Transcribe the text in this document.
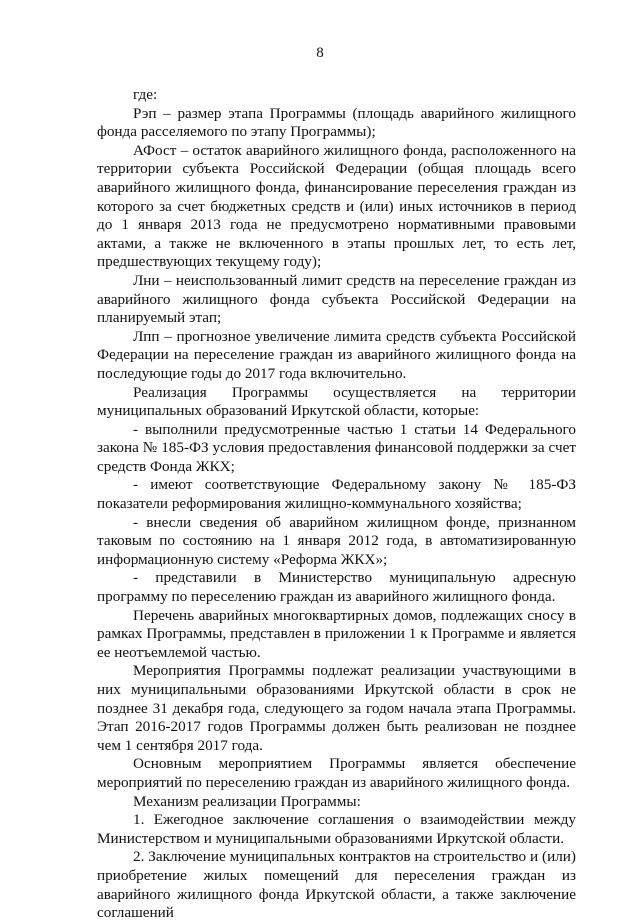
8

где:

Рэп – размер этапа Программы (площадь аварийного жилищного фонда расселяемого по этапу Программы);

АФост – остаток аварийного жилищного фонда, расположенного на территории субъекта Российской Федерации (общая площадь всего аварийного жилищного фонда, финансирование переселения граждан из которого за счет бюджетных средств и (или) иных источников в период до 1 января 2013 года не предусмотрено нормативными правовыми актами, а также не включенного в этапы прошлых лет, то есть лет, предшествующих текущему году);

Лни – неиспользованный лимит средств на переселение граждан из аварийного жилищного фонда субъекта Российской Федерации на планируемый этап;

Лпп – прогнозное увеличение лимита средств субъекта Российской Федерации на переселение граждан из аварийного жилищного фонда на последующие годы до 2017 года включительно.

Реализация Программы осуществляется на территории муниципальных образований Иркутской области, которые:

- выполнили предусмотренные частью 1 статьи 14 Федерального закона № 185-ФЗ условия предоставления финансовой поддержки за счет средств Фонда ЖКХ;

- имеют соответствующие Федеральному закону № 185-ФЗ показатели реформирования жилищно-коммунального хозяйства;

- внесли сведения об аварийном жилищном фонде, признанном таковым по состоянию на 1 января 2012 года, в автоматизированную информационную систему «Реформа ЖКХ»;

- представили в Министерство муниципальную адресную программу по переселению граждан из аварийного жилищного фонда.

Перечень аварийных многоквартирных домов, подлежащих сносу в рамках Программы, представлен в приложении 1 к Программе и является ее неотъемлемой частью.

Мероприятия Программы подлежат реализации участвующими в них муниципальными образованиями Иркутской области в срок не позднее 31 декабря года, следующего за годом начала этапа Программы. Этап 2016-2017 годов Программы должен быть реализован не позднее чем 1 сентября 2017 года.

Основным мероприятием Программы является обеспечение мероприятий по переселению граждан из аварийного жилищного фонда.

Механизм реализации Программы:

1. Ежегодное заключение соглашения о взаимодействии между Министерством и муниципальными образованиями Иркутской области.

2. Заключение муниципальных контрактов на строительство и (или) приобретение жилых помещений для переселения граждан из аварийного жилищного фонда Иркутской области, а также заключение соглашений
